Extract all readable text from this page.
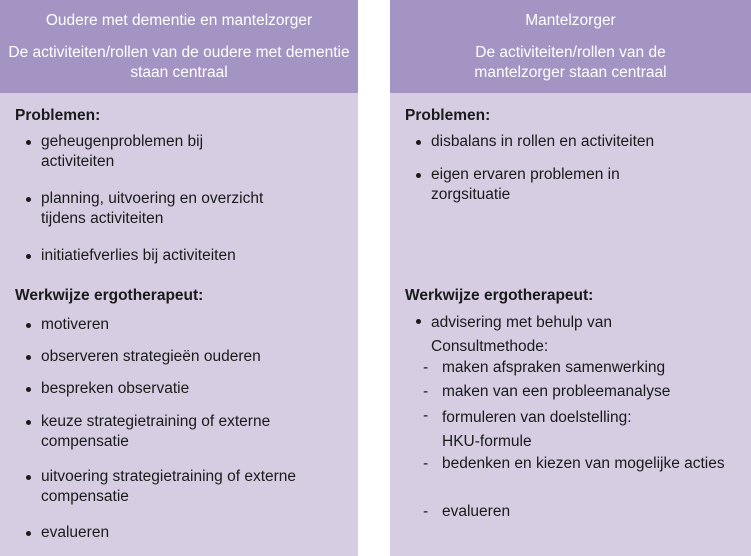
Oudere met dementie en mantelzorger
De activiteiten/rollen van de oudere met dementie staan centraal
Problemen:
geheugenproblemen bij activiteiten
planning, uitvoering en overzicht tijdens activiteiten
initiatiefverlies bij activiteiten
Werkwijze ergotherapeut:
motiveren
observeren strategieën ouderen
bespreken observatie
keuze strategietraining of externe compensatie
uitvoering strategietraining of externe compensatie
evalueren
Mantelzorger
De activiteiten/rollen van de mantelzorger staan centraal
Problemen:
disbalans in rollen en activiteiten
eigen ervaren problemen in zorgsituatie
Werkwijze ergotherapeut:
advisering met behulp van Consultmethode:
- maken afspraken samenwerking
- maken van een probleemanalyse
- formuleren van doelstelling: HKU-formule
- bedenken en kiezen van mogelijke acties
- evalueren
